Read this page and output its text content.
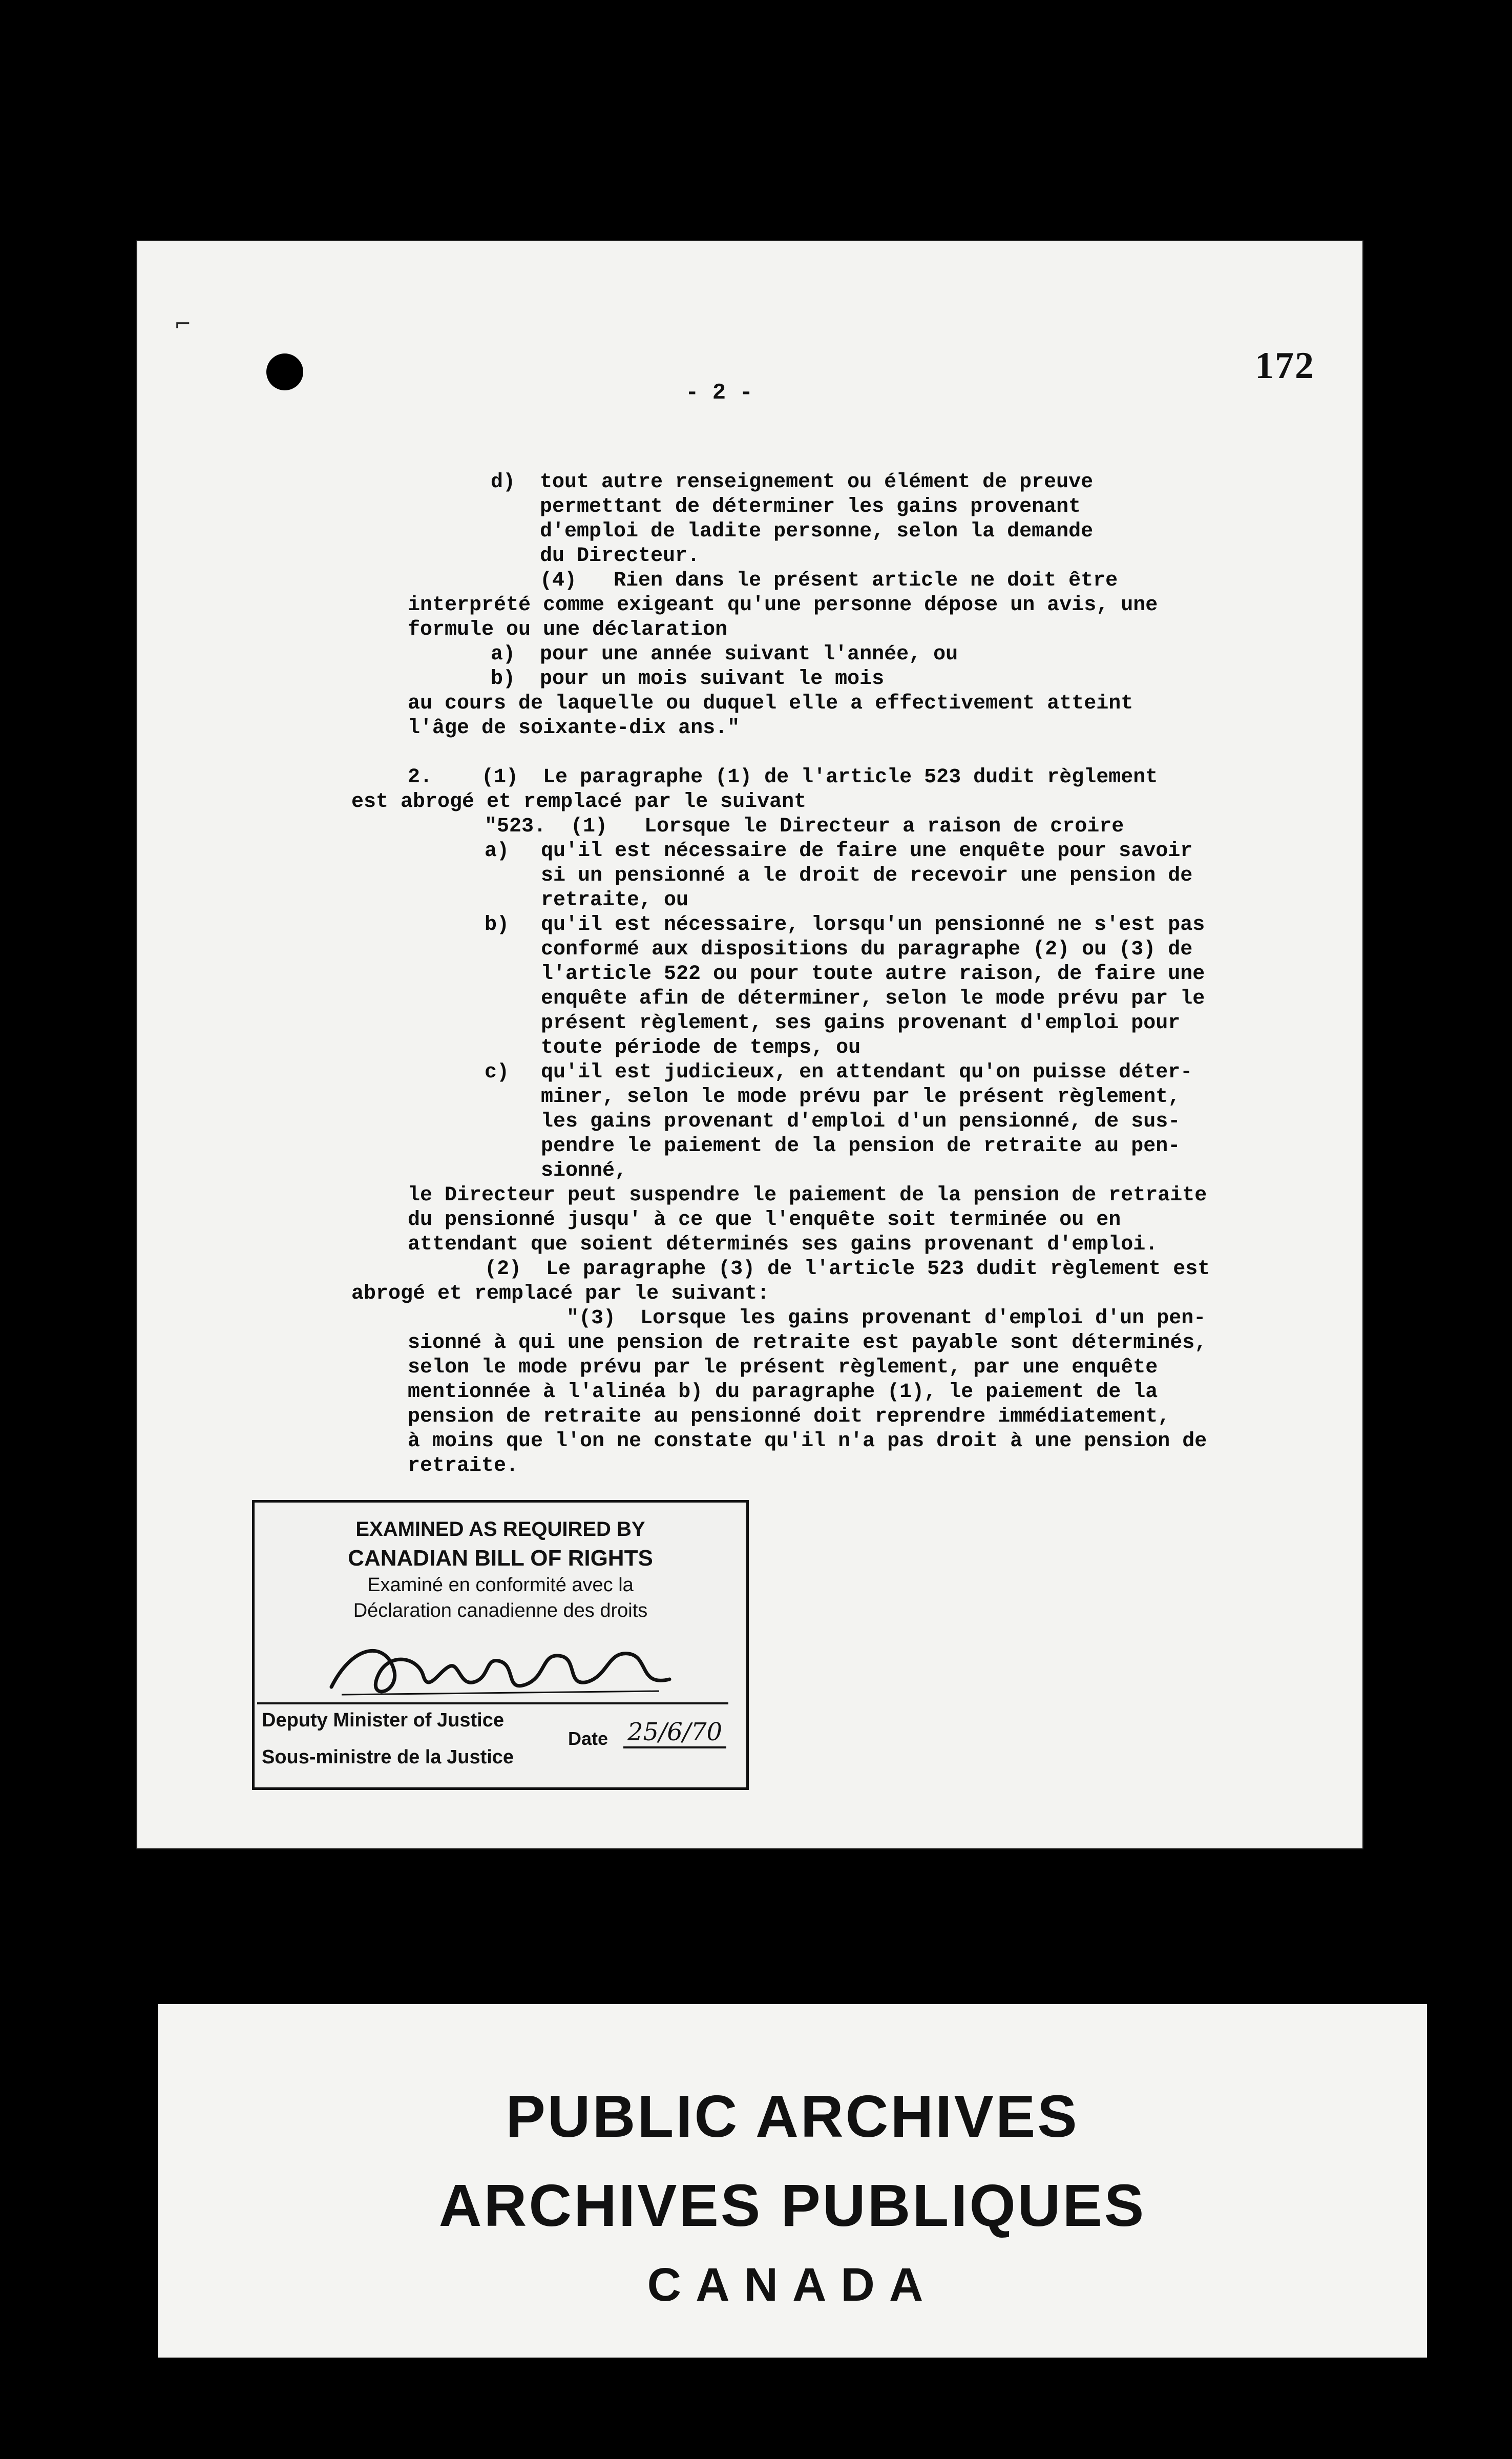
⌐
172
- 2 -
d) tout autre renseignement ou élément de preuve
permettant de déterminer les gains provenant
d'emploi de ladite personne, selon la demande
du Directeur.
(4)   Rien dans le présent article ne doit être
interprété comme exigeant qu'une personne dépose un avis, une
formule ou une déclaration
a) pour une année suivant l'année, ou
b) pour un mois suivant le mois
au cours de laquelle ou duquel elle a effectivement atteint
l'âge de soixante-dix ans."
2.    (1)  Le paragraphe (1) de l'article 523 dudit règlement
est abrogé et remplacé par le suivant
"523.  (1)   Lorsque le Directeur a raison de croire
a) qu'il est nécessaire de faire une enquête pour savoir
si un pensionné a le droit de recevoir une pension de
retraite, ou
b) qu'il est nécessaire, lorsqu'un pensionné ne s'est pas
conformé aux dispositions du paragraphe (2) ou (3) de
l'article 522 ou pour toute autre raison, de faire une
enquête afin de déterminer, selon le mode prévu par le
présent règlement, ses gains provenant d'emploi pour
toute période de temps, ou
c) qu'il est judicieux, en attendant qu'on puisse déter-
miner, selon le mode prévu par le présent règlement,
les gains provenant d'emploi d'un pensionné, de sus-
pendre le paiement de la pension de retraite au pen-
sionné,
le Directeur peut suspendre le paiement de la pension de retraite
du pensionné jusqu' à ce que l'enquête soit terminée ou en
attendant que soient déterminés ses gains provenant d'emploi.
(2)  Le paragraphe (3) de l'article 523 dudit règlement est
abrogé et remplacé par le suivant:
"(3)  Lorsque les gains provenant d'emploi d'un pen-
sionné à qui une pension de retraite est payable sont déterminés,
selon le mode prévu par le présent règlement, par une enquête
mentionnée à l'alinéa b) du paragraphe (1), le paiement de la
pension de retraite au pensionné doit reprendre immédiatement,
à moins que l'on ne constate qu'il n'a pas droit à une pension de
retraite.
EXAMINED AS REQUIRED BY
CANADIAN BILL OF RIGHTS
Examiné en conformité avec la
Déclaration canadienne des droits
Deputy Minister of Justice
Sous-ministre de la Justice
Date 25/6/70
PUBLIC ARCHIVES
ARCHIVES PUBLIQUES
CANADA
